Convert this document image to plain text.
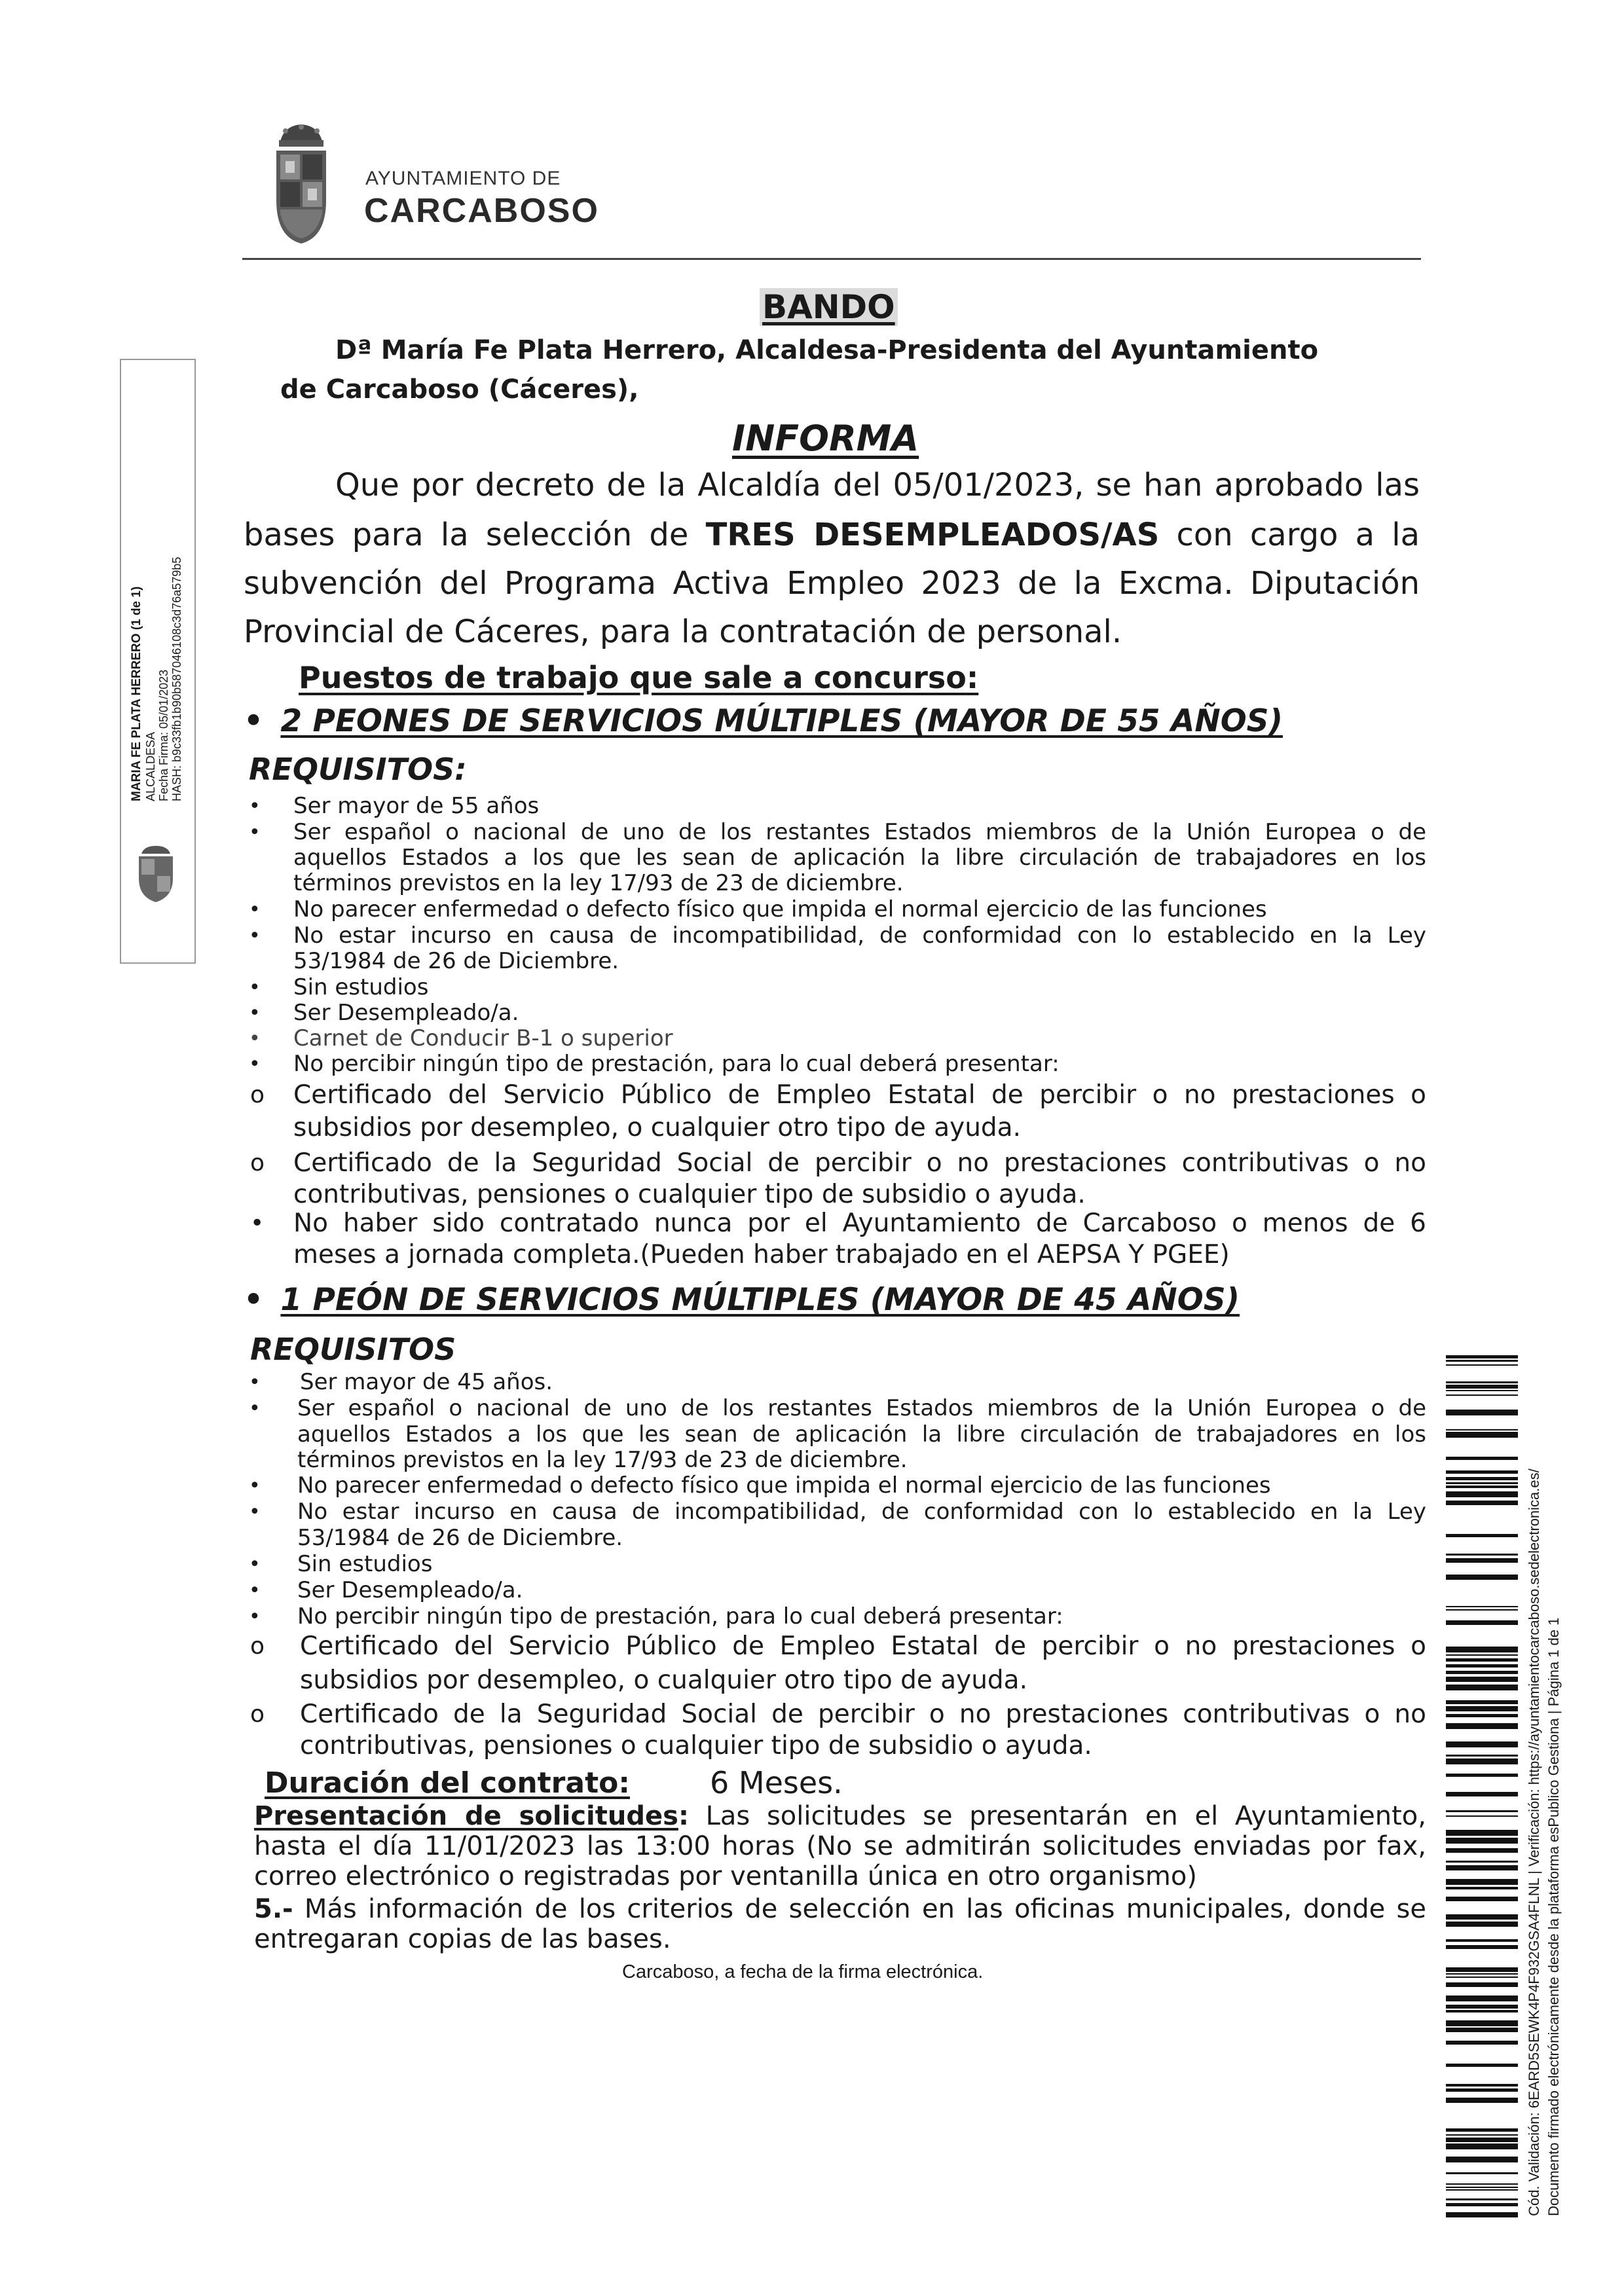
AYUNTAMIENTO DE
CARCABOSO
BANDO
Dª María Fe Plata Herrero, Alcaldesa-Presidenta del Ayuntamiento
de Carcaboso (Cáceres),
INFORMA
Que por decreto de la Alcaldía del 05/01/2023, se han aprobado las
bases para la selección de TRES DESEMPLEADOS/AS con cargo a la
subvención del Programa Activa Empleo 2023 de la Excma. Diputación
Provincial de Cáceres, para la contratación de personal.
Puestos de trabajo que sale a concurso:
• 2 PEONES DE SERVICIOS MÚLTIPLES (MAYOR DE 55 AÑOS)
REQUISITOS:
• Ser mayor de 55 años
• Ser español o nacional de uno de los restantes Estados miembros de la Unión Europea o de
aquellos Estados a los que les sean de aplicación la libre circulación de trabajadores en los
términos previstos en la ley 17/93 de 23 de diciembre.
• No parecer enfermedad o defecto físico que impida el normal ejercicio de las funciones
• No estar incurso en causa de incompatibilidad, de conformidad con lo establecido en la Ley
53/1984 de 26 de Diciembre.
• Sin estudios
• Ser Desempleado/a.
• Carnet de Conducir B-1 o superior
• No percibir ningún tipo de prestación, para lo cual deberá presentar:
o Certificado del Servicio Público de Empleo Estatal de percibir o no prestaciones o
subsidios por desempleo, o cualquier otro tipo de ayuda.
o Certificado de la Seguridad Social de percibir o no prestaciones contributivas o no
contributivas, pensiones o cualquier tipo de subsidio o ayuda.
• No haber sido contratado nunca por el Ayuntamiento de Carcaboso o menos de 6
meses a jornada completa.(Pueden haber trabajado en el AEPSA Y PGEE)
• 1 PEÓN DE SERVICIOS MÚLTIPLES (MAYOR DE 45 AÑOS)
REQUISITOS
• Ser mayor de 45 años.
• Ser español o nacional de uno de los restantes Estados miembros de la Unión Europea o de
aquellos Estados a los que les sean de aplicación la libre circulación de trabajadores en los
términos previstos en la ley 17/93 de 23 de diciembre.
• No parecer enfermedad o defecto físico que impida el normal ejercicio de las funciones
• No estar incurso en causa de incompatibilidad, de conformidad con lo establecido en la Ley
53/1984 de 26 de Diciembre.
• Sin estudios
• Ser Desempleado/a.
• No percibir ningún tipo de prestación, para lo cual deberá presentar:
o Certificado del Servicio Público de Empleo Estatal de percibir o no prestaciones o
subsidios por desempleo, o cualquier otro tipo de ayuda.
o Certificado de la Seguridad Social de percibir o no prestaciones contributivas o no
contributivas, pensiones o cualquier tipo de subsidio o ayuda.
Duración del contrato:	6 Meses.
Presentación de solicitudes: Las solicitudes se presentarán en el Ayuntamiento,
hasta el día 11/01/2023 las 13:00 horas (No se admitirán solicitudes enviadas por fax,
correo electrónico o registradas por ventanilla única en otro organismo)
5.- Más información de los criterios de selección en las oficinas municipales, donde se
entregaran copias de las bases.
Carcaboso, a fecha de la firma electrónica.
MARIA FE PLATA HERRERO (1 de 1) ALCALDESA Fecha Firma: 05/01/2023 HASH: b9c33fb1b90b587046108c3d76a579b5
Cód. Validación: 6EARD5SEWK4P4F932GSA4FLNL | Verificación: https://ayuntamientocarcaboso.sedelectronica.es/ Documento firmado electrónicamente desde la plataforma esPublico Gestiona | Página 1 de 1
